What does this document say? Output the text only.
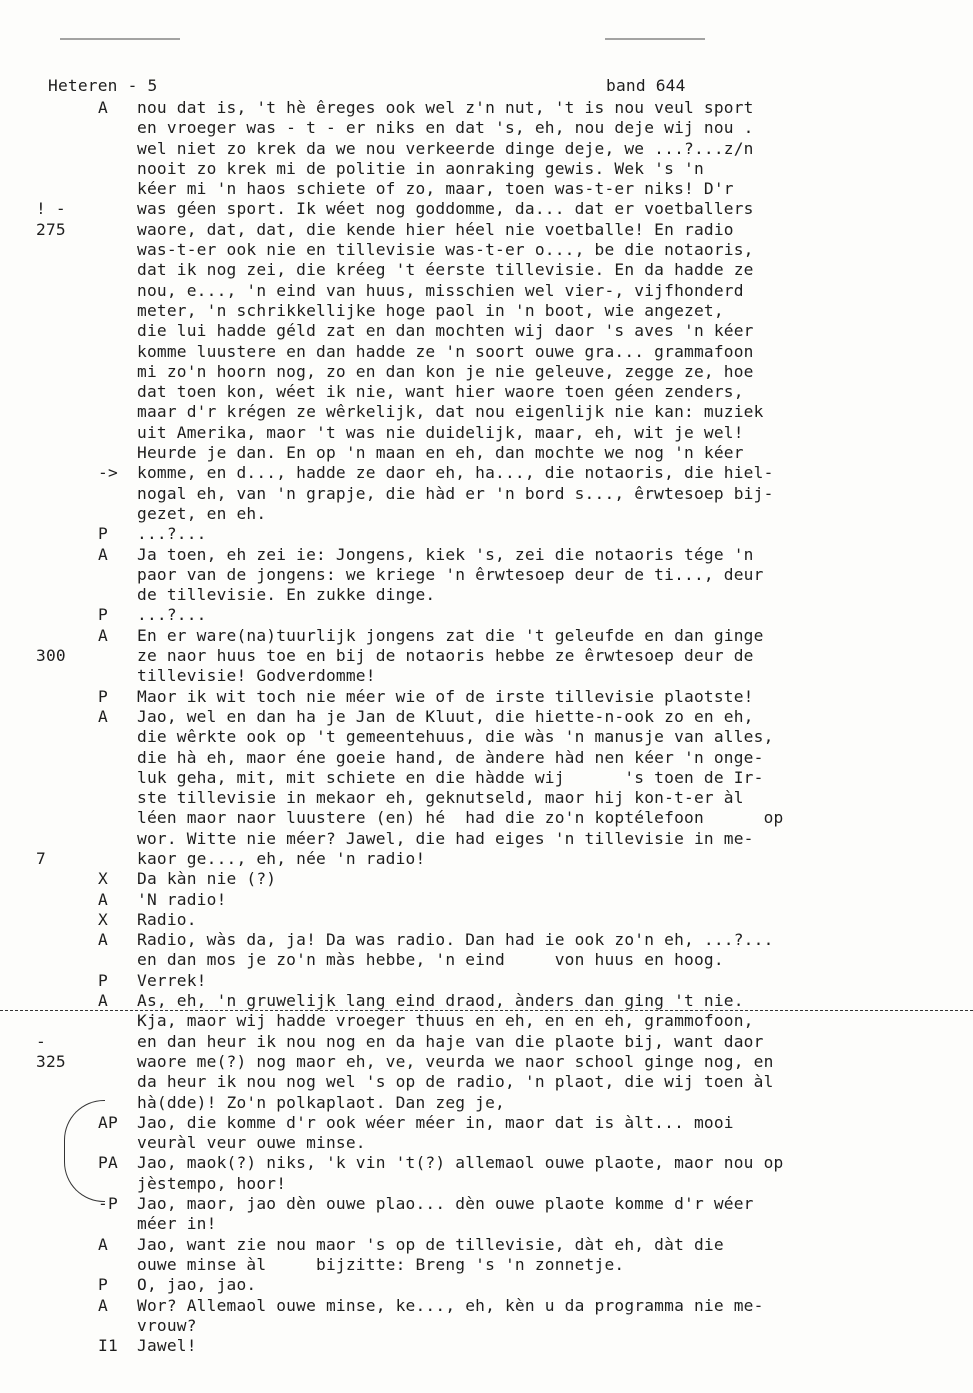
Heteren - 5	band 644
A	nou dat is, 't hè êreges ook wel z'n nut, 't is nou veul sport
en vroeger was - t - er niks en dat 's, eh, nou deje wij nou .
wel niet zo krek da we nou verkeerde dinge deje, we ...?...z/n
nooit zo krek mi de politie in aonraking gewis. Wek 's 'n
kéer mi 'n haos schiete of zo, maar, toen was-t-er niks! D'r
! -	was géen sport. Ik wéet nog goddomme, da... dat er voetballers
275	waore, dat, dat, die kende hier héel nie voetballe! En radio
was-t-er ook nie en tillevisie was-t-er o..., be die notaoris,
dat ik nog zei, die kréeg 't éerste tillevisie. En da hadde ze
nou, e..., 'n eind van huus, misschien wel vier-, vijfhonderd
meter, 'n schrikkellijke hoge paol in 'n boot, wie angezet,
die lui hadde géld zat en dan mochten wij daor 's aves 'n kéer
komme luustere en dan hadde ze 'n soort ouwe gra... grammafoon
mi zo'n hoorn nog, zo en dan kon je nie geleuve, zegge ze, hoe
dat toen kon, wéet ik nie, want hier waore toen géen zenders,
maar d'r krégen ze wêrkelijk, dat nou eigenlijk nie kan: muziek
uit Amerika, maor 't was nie duidelijk, maar, eh, wit je wel!
Heurde je dan. En op 'n maan en eh, dan mochte we nog 'n kéer
->	komme, en d..., hadde ze daor eh, ha..., die notaoris, die hiel-
nogal eh, van 'n grapje, die hàd er 'n bord s..., êrwtesoep bij-
gezet, en eh.
P	...?...
A	Ja toen, eh zei ie: Jongens, kiek 's, zei die notaoris tége 'n
paor van de jongens: we kriege 'n êrwtesoep deur de ti..., deur
de tillevisie. En zukke dinge.
P	...?...
A	En er ware(na)tuurlijk jongens zat die 't geleufde en dan ginge
300	ze naor huus toe en bij de notaoris hebbe ze êrwtesoep deur de
tillevisie! Godverdomme!
P	Maor ik wit toch nie méer wie of de irste tillevisie plaotste!
A	Jao, wel en dan ha je Jan de Kluut, die hiette-n-ook zo en eh,
die wêrkte ook op 't gemeentehuus, die wàs 'n manusje van alles,
die hà eh, maor éne goeie hand, de àndere hàd nen kéer 'n onge-
luk geha, mit, mit schiete en die hàdde wij      's toen de Ir-
ste tillevisie in mekaor eh, geknutseld, maor hij kon-t-er àl
léen maor naor luustere (en) hé  had die zo'n koptélefoon      op
wor. Witte nie méer? Jawel, die had eiges 'n tillevisie in me-
7	kaor ge..., eh, née 'n radio!
X	Da kàn nie (?)
A	'N radio!
X	Radio.
A	Radio, wàs da, ja! Da was radio. Dan had ie ook zo'n eh, ...?...
en dan mos je zo'n màs hebbe, 'n eind     von huus en hoog.
P	Verrek!
A	As, eh, 'n gruwelijk lang eind draod, ànders dan ging 't nie.
Kja, maor wij hadde vroeger thuus en eh, en en eh, grammofoon,
-	en dan heur ik nou nog en da haje van die plaote bij, want daor
325	waore me(?) nog maor eh, ve, veurda we naor school ginge nog, en
da heur ik nou nog wel 's op de radio, 'n plaot, die wij toen àl
hà(dde)! Zo'n polkaplaot. Dan zeg je,
AP	Jao, die komme d'r ook wéer méer in, maor dat is àlt... mooi
veuràl veur ouwe minse.
PA	Jao, maok(?) niks, 'k vin 't(?) allemaol ouwe plaote, maor nou op
jèstempo, hoor!
-P	Jao, maor, jao dèn ouwe plao... dèn ouwe plaote komme d'r wéer
méer in!
A	Jao, want zie nou maor 's op de tillevisie, dàt eh, dàt die
ouwe minse àl     bijzitte: Breng 's 'n zonnetje.
P	O, jao, jao.
A	Wor? Allemaol ouwe minse, ke..., eh, kèn u da programma nie me-
vrouw?
I1	Jawel!
